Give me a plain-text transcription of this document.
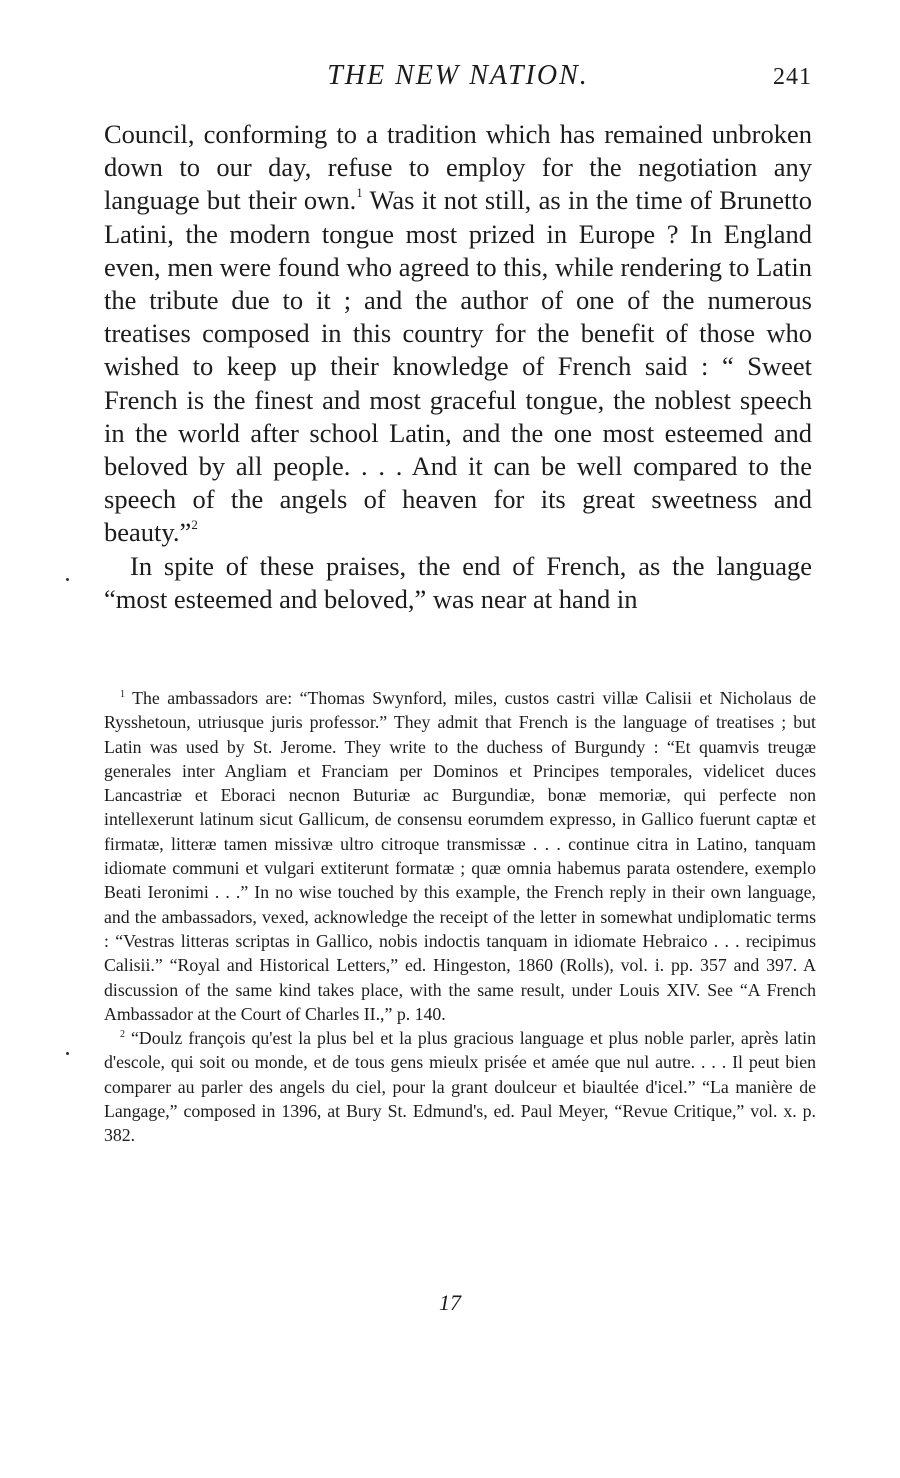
THE NEW NATION.	241

Council, conforming to a tradition which has remained unbroken down to our day, refuse to employ for the negotiation any language but their own.$^1$ Was it not still, as in the time of Brunetto Latini, the modern tongue most prized in Europe ? In England even, men were found who agreed to this, while rendering to Latin the tribute due to it ; and the author of one of the numerous treatises composed in this country for the benefit of those who wished to keep up their knowledge of French said : “ Sweet French is the finest and most graceful tongue, the noblest speech in the world after school Latin, and the one most esteemed and beloved by all people. . . . And it can be well compared to the speech of the angels of heaven for its great sweetness and beauty.”$^2$

In spite of these praises, the end of French, as the language “most esteemed and beloved,” was near at hand in

$^1$ The ambassadors are: “Thomas Swynford, miles, custos castri villæ Calisii et Nicholaus de Rysshetoun, utriusque juris professor.” They admit that French is the language of treatises ; but Latin was used by St. Jerome. They write to the duchess of Burgundy : “Et quamvis treugæ generales inter Angliam et Franciam per Dominos et Principes temporales, videlicet duces Lancastriæ et Eboraci necnon Buturiæ ac Burgundiæ, bonæ memoriæ, qui perfecte non intellexerunt latinum sicut Gallicum, de consensu eorumdem expresso, in Gallico fuerunt captæ et firmatæ, litteræ tamen missivæ ultro citroque transmissæ . . . continue citra in Latino, tanquam idiomate communi et vulgari extiterunt formatæ ; quæ omnia habemus parata ostendere, exemplo Beati Ieronimi . . .” In no wise touched by this example, the French reply in their own language, and the ambassadors, vexed, acknowledge the receipt of the letter in somewhat undiplomatic terms : “Vestras litteras scriptas in Gallico, nobis indoctis tanquam in idiomate Hebraico . . . recipimus Calisii.” “Royal and Historical Letters,” ed. Hingeston, 1860 (Rolls), vol. i. pp. 357 and 397. A discussion of the same kind takes place, with the same result, under Louis XIV. See “A French Ambassador at the Court of Charles II.,” p. 140.

$^2$ “Doulz françois qu'est la plus bel et la plus gracious language et plus noble parler, après latin d'escole, qui soit ou monde, et de tous gens mieulx prisée et amée que nul autre. . . . Il peut bien comparer au parler des angels du ciel, pour la grant doulceur et biaultée d'icel.” “La manière de Langage,” composed in 1396, at Bury St. Edmund's, ed. Paul Meyer, “Revue Critique,” vol. x. p. 382.

17
